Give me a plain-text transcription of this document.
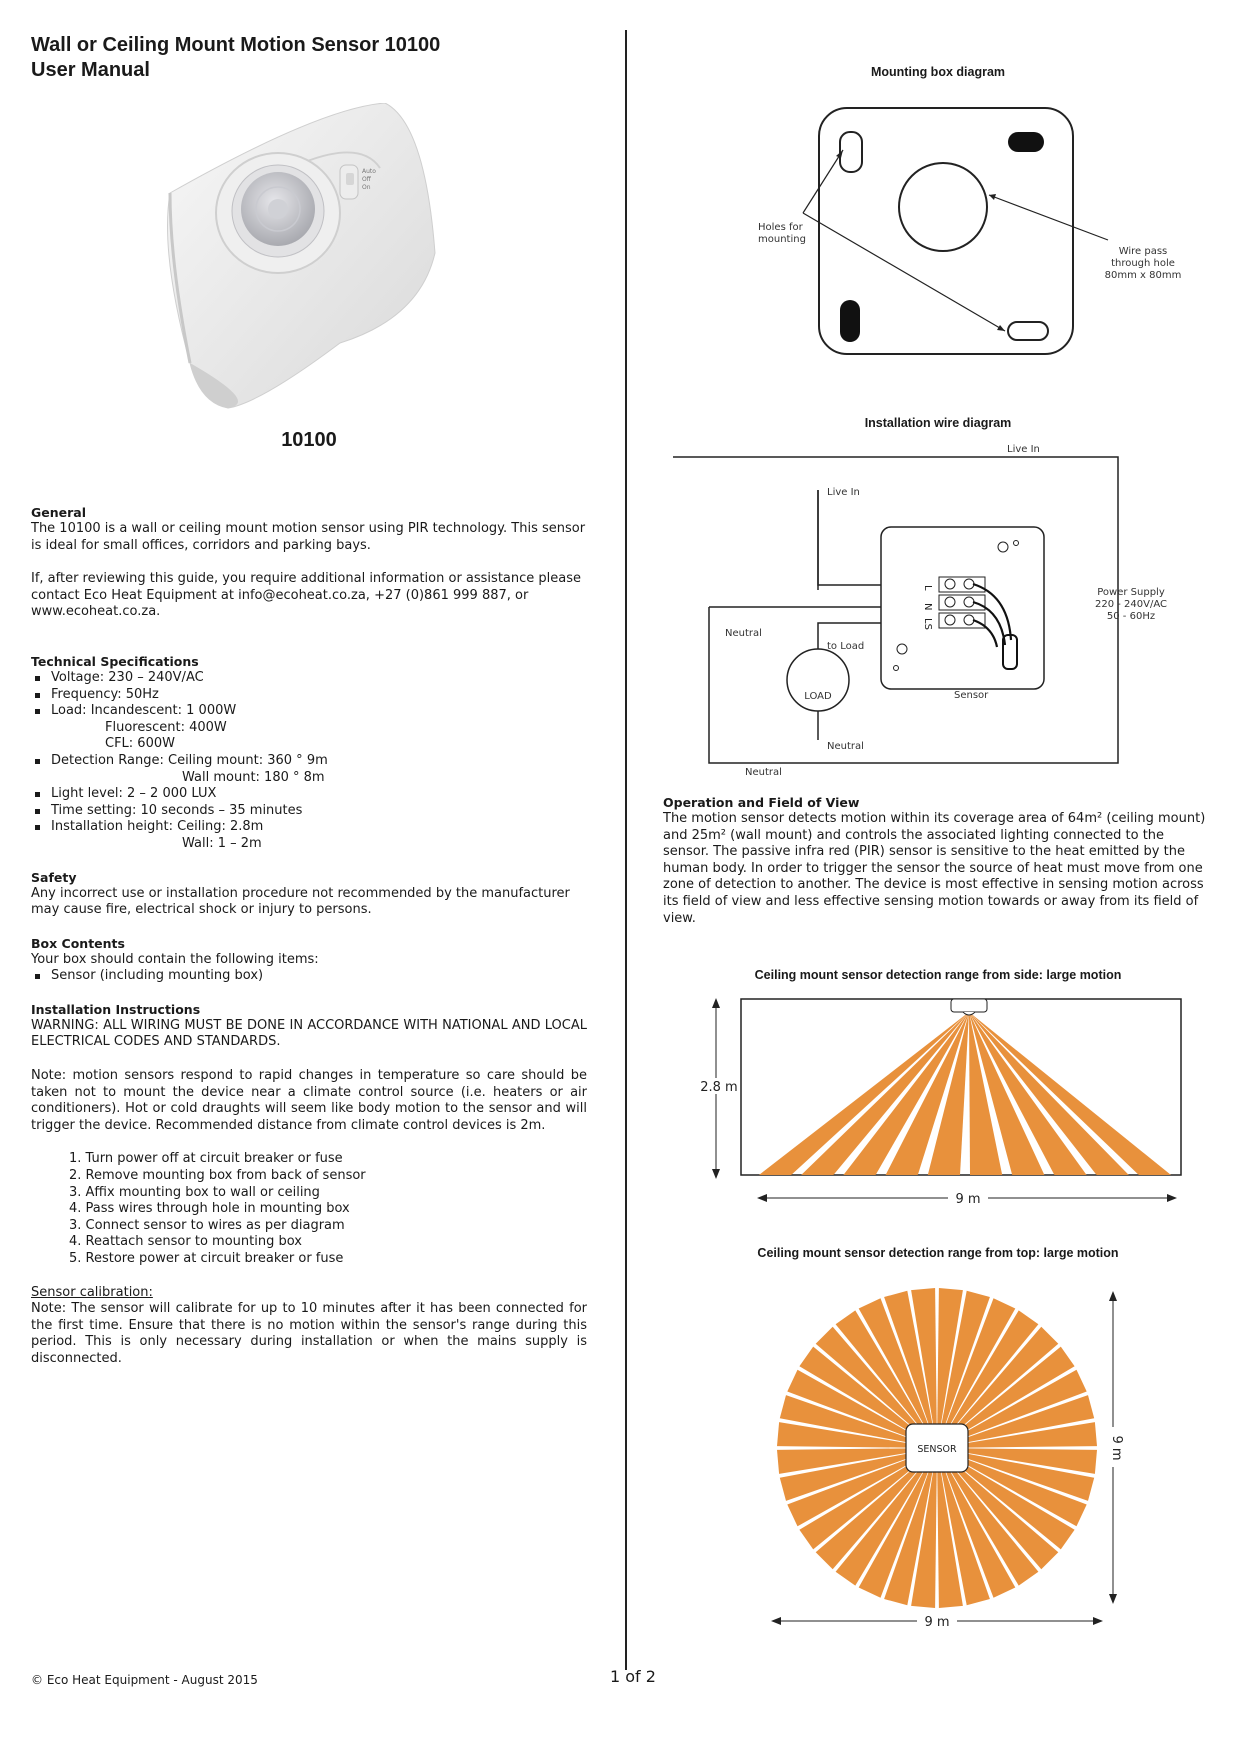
Wall or Ceiling Mount Motion Sensor 10100
User Manual
Auto
Off
On
10100
General
The 10100 is a wall or ceiling mount motion sensor using PIR technology. This sensor is ideal for small offices, corridors and parking bays.
If, after reviewing this guide, you require additional information or assistance please contact Eco Heat Equipment at info@ecoheat.co.za, +27 (0)861 999 887, or www.ecoheat.co.za.
Technical Specifications
Voltage: 230 – 240V/AC
Frequency: 50Hz
Load: Incandescent: 1 000W
Fluorescent: 400W
CFL: 600W
Detection Range: Ceiling mount: 360 ° 9m
Wall mount: 180 ° 8m
Light level: 2 – 2 000 LUX
Time setting: 10 seconds – 35 minutes
Installation height: Ceiling: 2.8m
Wall: 1 – 2m
Safety
Any incorrect use or installation procedure not recommended by the manufacturer may cause fire, electrical shock or injury to persons.
Box Contents
Your box should contain the following items:
Sensor (including mounting box)
Installation Instructions
WARNING: ALL WIRING MUST BE DONE IN ACCORDANCE WITH NATIONAL AND LOCAL ELECTRICAL CODES AND STANDARDS.
Note: motion sensors respond to rapid changes in temperature so care should be taken not to mount the device near a climate control source (i.e. heaters or air conditioners). Hot or cold draughts will seem like body motion to the sensor and will trigger the device. Recommended distance from climate control devices is 2m.
1. Turn power off at circuit breaker or fuse
2. Remove mounting box from back of sensor
3. Affix mounting box to wall or ceiling
4. Pass wires through hole in mounting box
3. Connect sensor to wires as per diagram
4. Reattach sensor to mounting box
5. Restore power at circuit breaker or fuse
Sensor calibration:
Note: The sensor will calibrate for up to 10 minutes after it has been connected for the first time. Ensure that there is no motion within the sensor's range during this period. This is only necessary during installation or when the mains supply is disconnected.
Mounting box diagram
Holes for
mounting
Wire pass
through hole
80mm x 80mm
Installation wire diagram
L
N
LS
Live In
Live In
Neutral
to Load
LOAD	Sensor
Neutral
Neutral
Power Supply
220 - 240V/AC
50 - 60Hz
Operation and Field of View
The motion sensor detects motion within its coverage area of 64m² (ceiling mount) and 25m² (wall mount) and controls the associated lighting connected to the sensor. The passive infra red (PIR) sensor is sensitive to the heat emitted by the human body. In order to trigger the sensor the source of heat must move from one zone of detection to another. The device is most effective in sensing motion across its field of view and less effective sensing motion towards or away from its field of view.
Ceiling mount sensor detection range from side: large motion
2.8 m
9 m
Ceiling mount sensor detection range from top: large motion
SENSOR
9 m
9 m
© Eco Heat Equipment - August 2015	1 of 2
